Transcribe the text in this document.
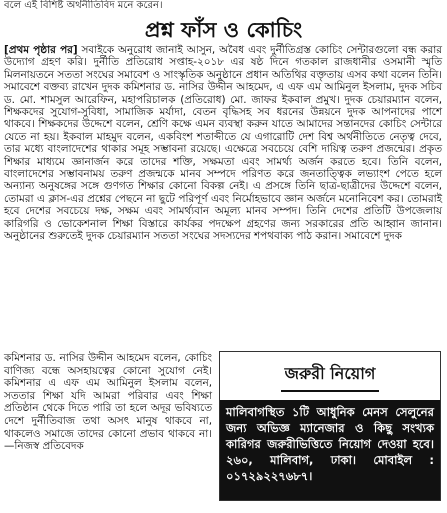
বলে এই বিশিষ্ট অর্থনীতিবিদ মনে করেন।
প্রশ্ন ফাঁস ও কোচিং

[প্রথম পৃষ্ঠার পর] সবাইকে অনুরোধ জানাই আসুন, অবৈধ এবং দুর্নীতিগ্রস্ত কোচিং সেন্টারগুলো বন্ধ করার উদ্যোগ গ্রহণ করি। দুর্নীতি প্রতিরোধ সপ্তাহ-২০১৮ এর ষষ্ঠ দিনে গতকাল রাজধানীর ওসমানী স্মৃতি মিলনায়তনে সততা সংঘের সমাবেশ ও সাংস্কৃতিক অনুষ্ঠানে প্রধান অতিথির বক্তৃতায় এসব কথা বলেন তিনি। সমাবেশে বক্তব্য রাখেন দুদক কমিশনার ড. নাসির উদ্দীন আহমেদ, এ এফ এম আমিনুল ইসলাম, দুদক সচিব ড. মো. শামসুল আরেফিন, মহাপরিচালক (প্রতিরোধ) মো. জাফর ইকবাল প্রমুখ। দুদক চেয়ারম্যান বলেন, শিক্ষকদের সুযোগ-সুবিধা, সামাজিক মর্যাদা, বেতন বৃদ্ধিসহ সব ধরনের উন্নয়নে দুদক আপনাদের পাশে থাকবে। শিক্ষকদের উদ্দেশে বলেন, শ্রেণি কক্ষে এমন ব্যবস্থা করুন যাতে আমাদের সন্তানদের কোচিং সেন্টারে যেতে না হয়। ইকবাল মাহমুদ বলেন, একবিংশ শতাব্দীতে যে এগারোটি দেশ বিশ্ব অর্থনীতিতে নেতৃত্ব দেবে, তার মধ্যে বাংলাদেশের থাকার সমূহ সম্ভাবনা রয়েছে। এক্ষেত্রে সবচেয়ে বেশি দায়িত্ব তরুণ প্রজন্মের। প্রকৃত শিক্ষার মাধ্যমে জ্ঞানার্জন করে তাদের শক্তি, সক্ষমতা এবং সামর্থ্য অর্জন করতে হবে। তিনি বলেন, বাংলাদেশের সম্ভাবনাময় তরুণ প্রজন্মকে মানব সম্পদে পরিণত করে জনতাত্ত্বিক লভ্যাংশ পেতে হলে অন্যান্য অনুষঙ্গের সঙ্গে গুণগত শিক্ষার কোনো বিকল্প নেই। এ প্রসঙ্গে তিনি ছাত্র-ছাত্রীদের উদ্দেশে বলেন, তোমরা এ ক্লাস-এর প্রশ্নের পেছনে না ছুটে পরিপূর্ণ এবং নির্মোহভাবে জ্ঞান অর্জনে মনোনিবেশ কর। তোমরাই হবে দেশের সবচেয়ে দক্ষ, সক্ষম এবং সামর্থ্যবান অমূল্য মানব সম্পদ। তিনি দেশের প্রতিটি উপজেলায় কারিগরি ও ভোকেশনাল শিক্ষা বিস্তারে কার্যকর পদক্ষেপ গ্রহণের জন্য সরকারের প্রতি আহ্বান জানান। অনুষ্ঠানের শুরুতেই দুদক চেয়ারম্যান সততা সংঘের সদস্যদের শপথবাক্য পাঠ করান। সমাবেশে দুদক

কমিশনার ড. নাসির উদ্দীন আহমেদ বলেন, কোচিং বাণিজ্য বন্ধে অসহায়ত্বের কোনো সুযোগ নেই। কমিশনার এ এফ এম আমিনুল ইসলাম বলেন, সততার শিক্ষা যদি আমরা পরিবার এবং শিক্ষা প্রতিষ্ঠান থেকে দিতে পারি তা হলে অদূর ভবিষ্যতে দেশে দুর্নীতিবাজ তথা অসৎ মানুষ থাকবে না, থাকলেও সমাজে তাদের কোনো প্রভাব থাকবে না। —নিজস্ব প্রতিবেদক

জরুরী নিয়োগ
মালিবাগস্থিত ১টি আধুনিক মেনস সেলুনের জন্য অভিজ্ঞ ম্যানেজার ও কিছু সংখ্যক কারিগর জরুরীভিত্তিতে নিয়োগ দেওয়া হবে। ২৬০, মালিবাগ, ঢাকা। মোবাইল : ০১৭২৯২২৭৬৮৭।
